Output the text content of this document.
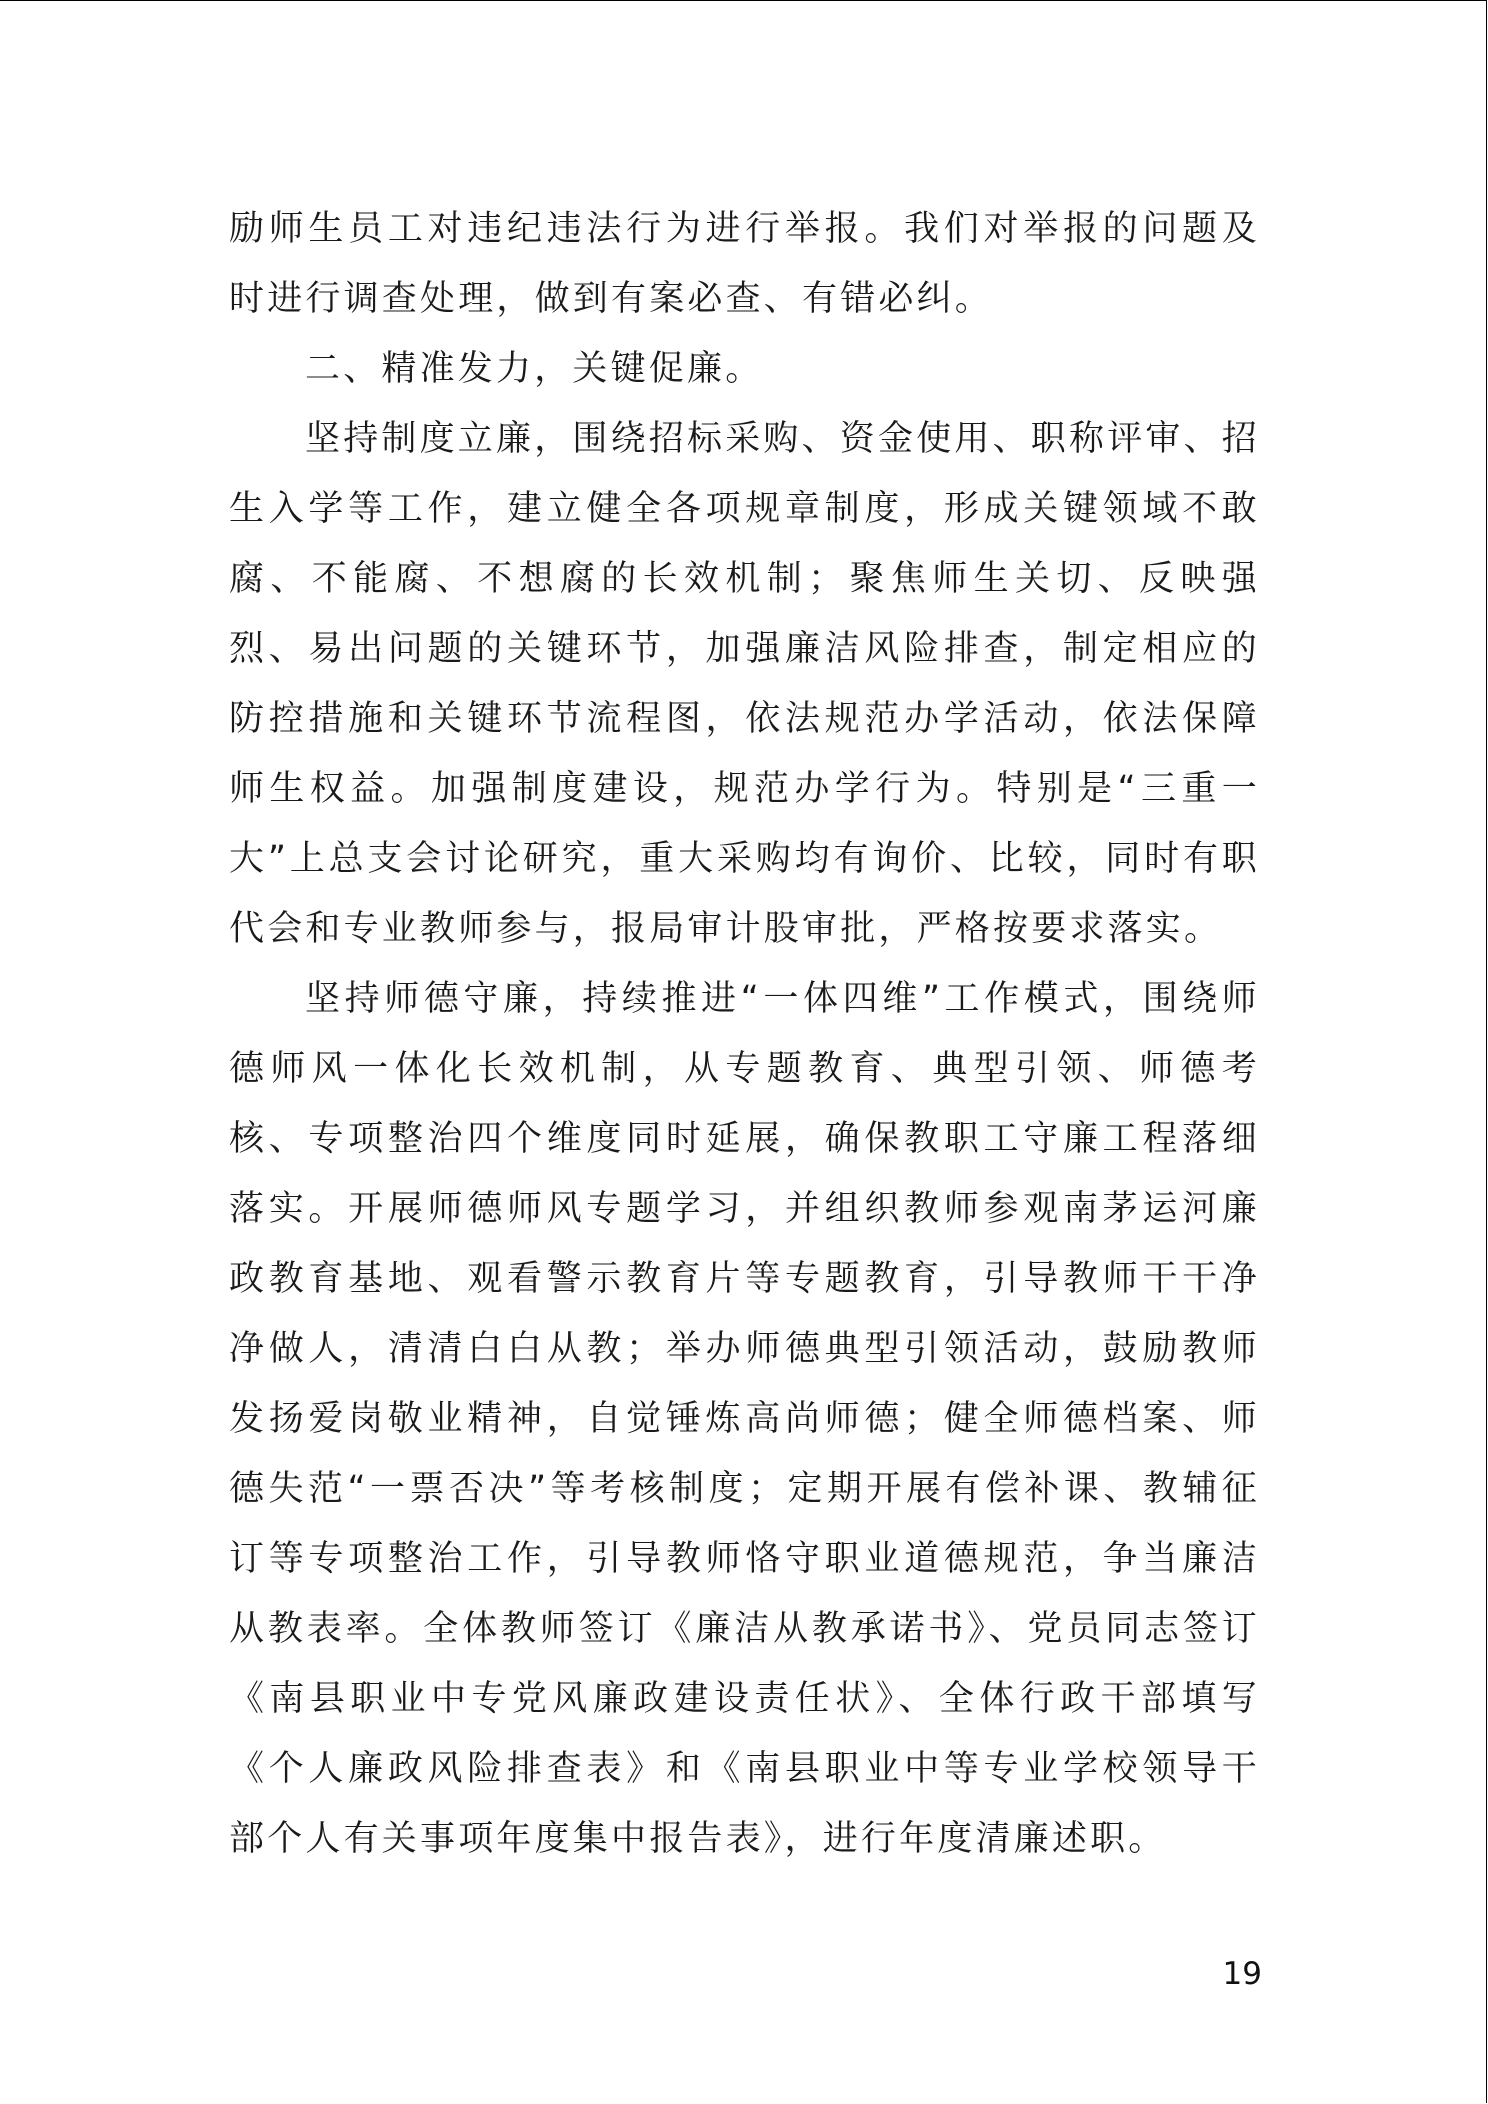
励师生员工对违纪违法行为进行举报。我们对举报的问题及时进行调查处理，做到有案必查、有错必纠。

二、精准发力，关键促廉。

坚持制度立廉，围绕招标采购、资金使用、职称评审、招生入学等工作，建立健全各项规章制度，形成关键领域不敢腐、不能腐、不想腐的长效机制；聚焦师生关切、反映强烈、易出问题的关键环节，加强廉洁风险排查，制定相应的防控措施和关键环节流程图，依法规范办学活动，依法保障师生权益。加强制度建设，规范办学行为。特别是“三重一大”上总支会讨论研究，重大采购均有询价、比较，同时有职代会和专业教师参与，报局审计股审批，严格按要求落实。

坚持师德守廉，持续推进“一体四维”工作模式，围绕师德师风一体化长效机制，从专题教育、典型引领、师德考核、专项整治四个维度同时延展，确保教职工守廉工程落细落实。开展师德师风专题学习，并组织教师参观南茅运河廉政教育基地、观看警示教育片等专题教育，引导教师干干净净做人，清清白白从教；举办师德典型引领活动，鼓励教师发扬爱岗敬业精神，自觉锤炼高尚师德；健全师德档案、师德失范“一票否决”等考核制度；定期开展有偿补课、教辅征订等专项整治工作，引导教师恪守职业道德规范，争当廉洁从教表率。全体教师签订《廉洁从教承诺书》、党员同志签订《南县职业中专党风廉政建设责任状》、全体行政干部填写《个人廉政风险排查表》和《南县职业中等专业学校领导干部个人有关事项年度集中报告表》，进行年度清廉述职。

19
